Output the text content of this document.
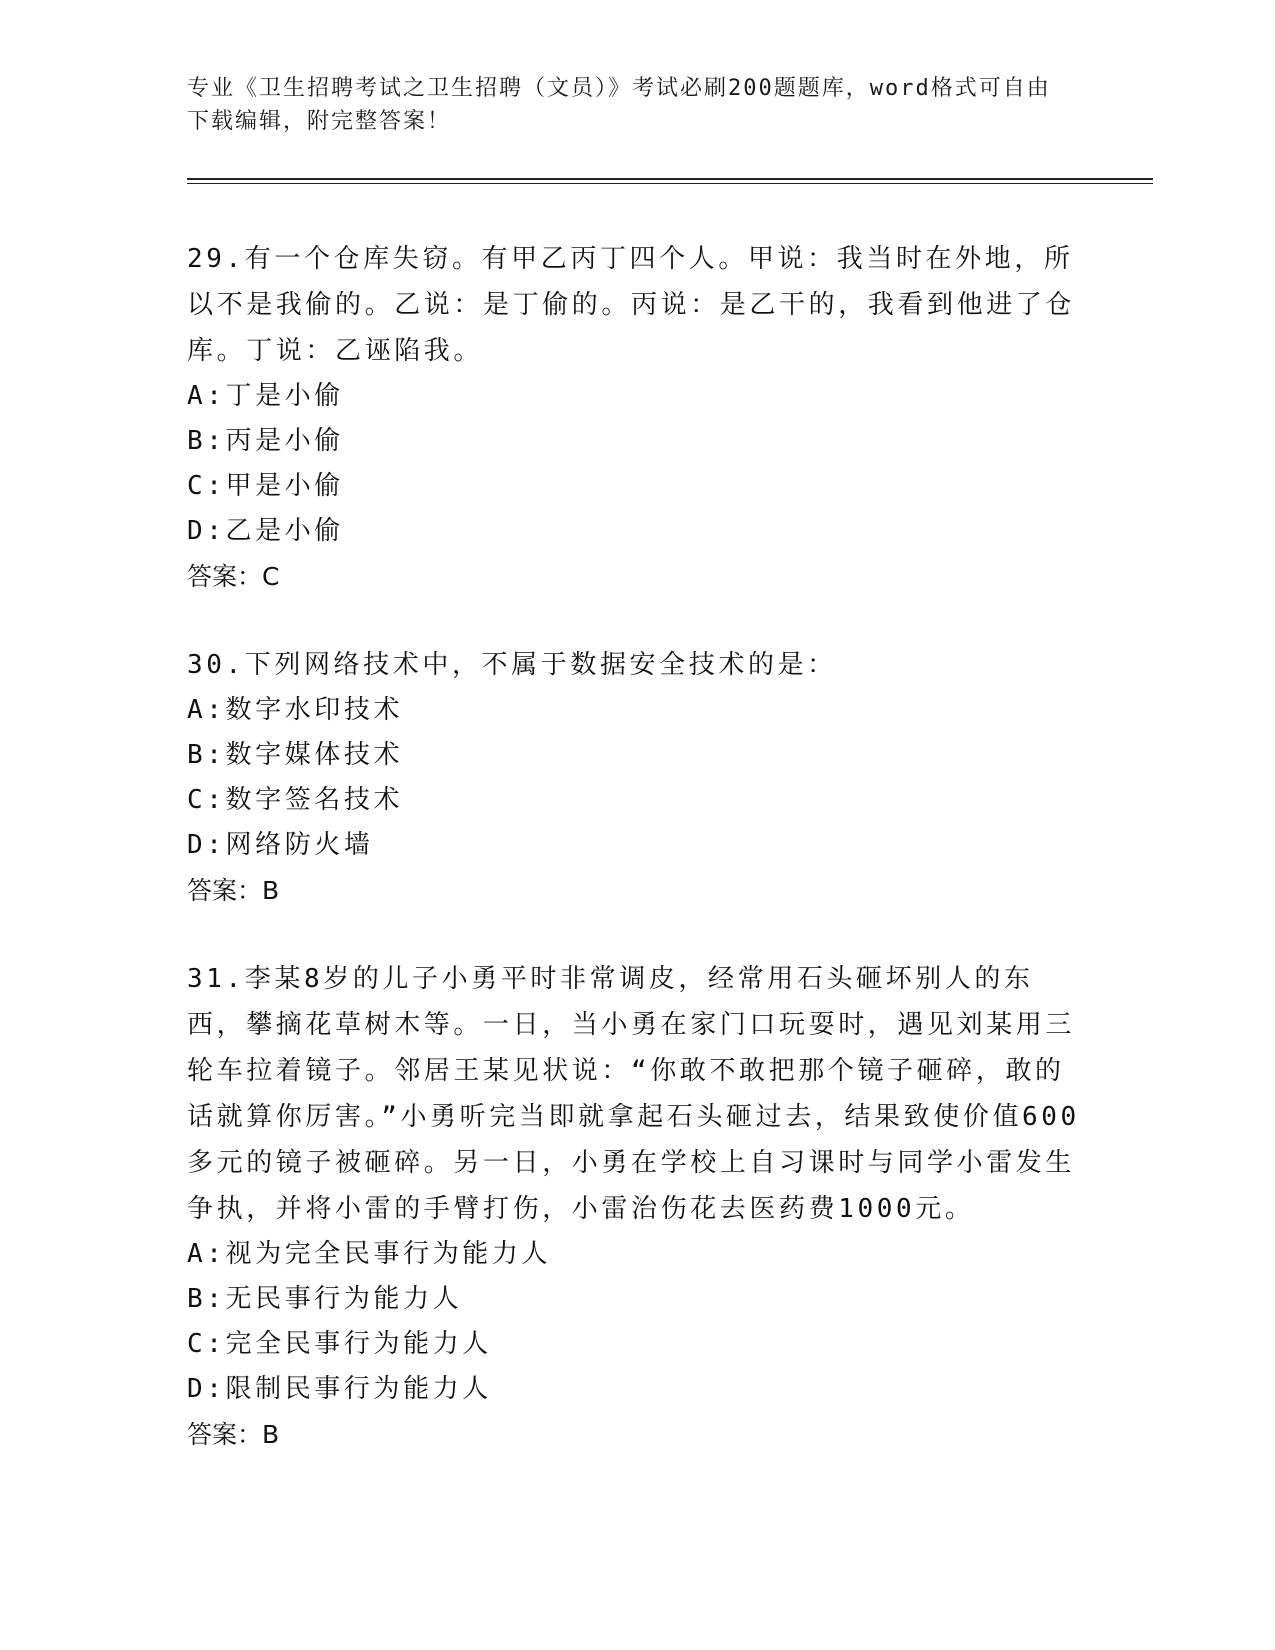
专业《卫生招聘考试之卫生招聘（文员）》考试必刷200题题库，word格式可自由下载编辑，附完整答案！

29.有一个仓库失窃。有甲乙丙丁四个人。甲说：我当时在外地，所以不是我偷的。乙说：是丁偷的。丙说：是乙干的，我看到他进了仓库。丁说：乙诬陷我。

A:丁是小偷

B:丙是小偷

C:甲是小偷

D:乙是小偷

答案：C

30.下列网络技术中，不属于数据安全技术的是：

A:数字水印技术

B:数字媒体技术

C:数字签名技术

D:网络防火墙

答案：B

31.李某8岁的儿子小勇平时非常调皮，经常用石头砸坏别人的东西，攀摘花草树木等。一日，当小勇在家门口玩耍时，遇见刘某用三轮车拉着镜子。邻居王某见状说：“你敢不敢把那个镜子砸碎，敢的话就算你厉害。”小勇听完当即就拿起石头砸过去，结果致使价值600多元的镜子被砸碎。另一日，小勇在学校上自习课时与同学小雷发生争执，并将小雷的手臂打伤，小雷治伤花去医药费1000元。

A:视为完全民事行为能力人

B:无民事行为能力人

C:完全民事行为能力人

D:限制民事行为能力人

答案：B
